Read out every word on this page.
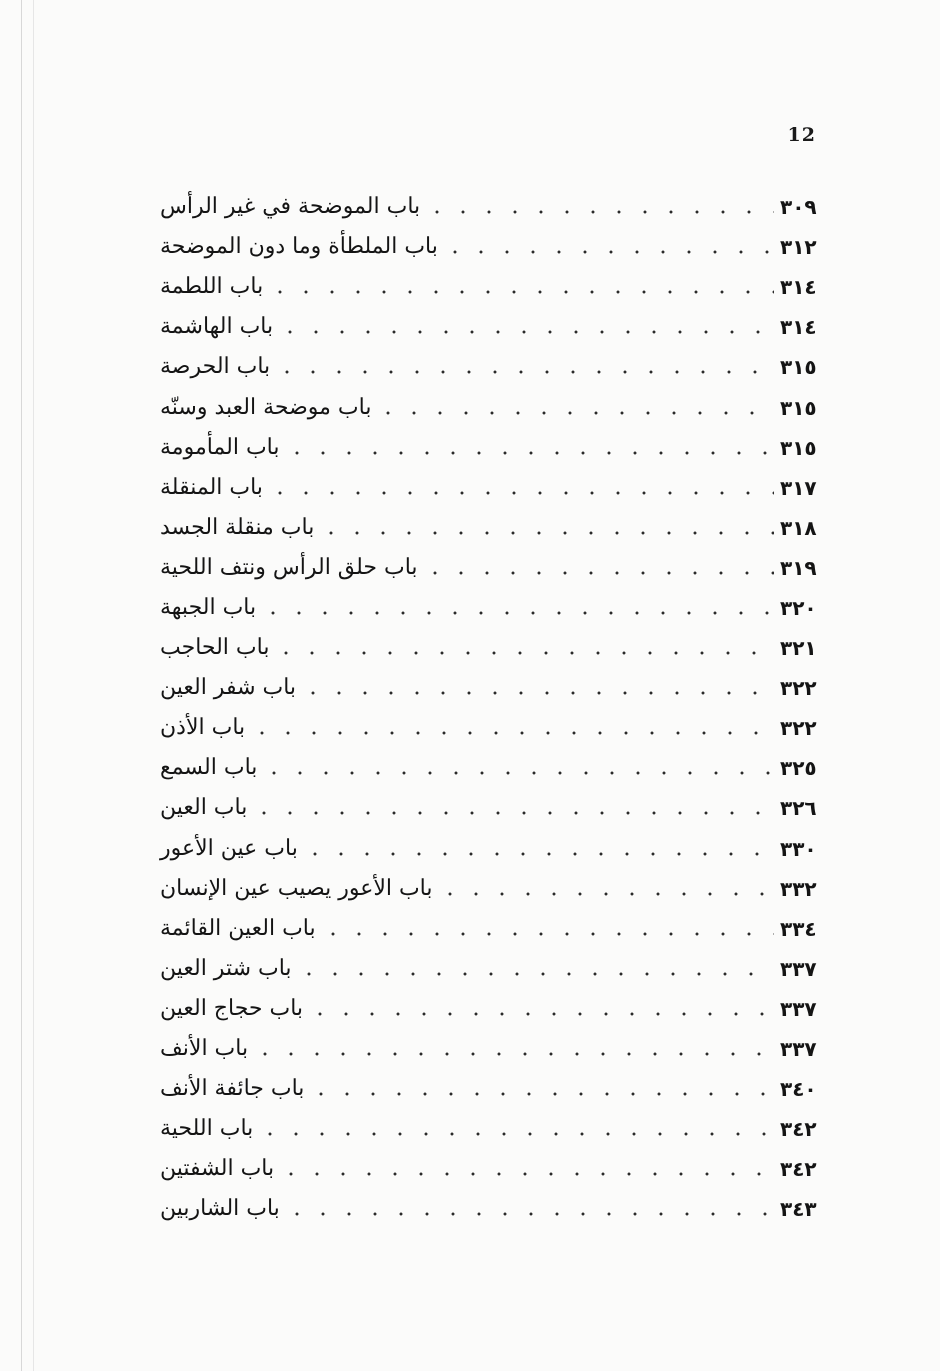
12
باب الموضحة في غير الرأس	٣٠٩
باب الملطأة وما دون الموضحة	٣١٢
باب اللطمة	٣١٤
باب الهاشمة	٣١٤
باب الحرصة	٣١٥
باب موضحة العبد وسنّه	٣١٥
باب المأمومة	٣١٥
باب المنقلة	٣١٧
باب منقلة الجسد	٣١٨
باب حلق الرأس ونتف اللحية	٣١٩
باب الجبهة	٣٢٠
باب الحاجب	٣٢١
باب شفر العين	٣٢٢
باب الأذن	٣٢٢
باب السمع	٣٢٥
باب العين	٣٢٦
باب عين الأعور	٣٣٠
باب الأعور يصيب عين الإنسان	٣٣٢
باب العين القائمة	٣٣٤
باب شتر العين	٣٣٧
باب حجاج العين	٣٣٧
باب الأنف	٣٣٧
باب جائفة الأنف	٣٤٠
باب اللحية	٣٤٢
باب الشفتين	٣٤٢
باب الشاربين	٣٤٣
